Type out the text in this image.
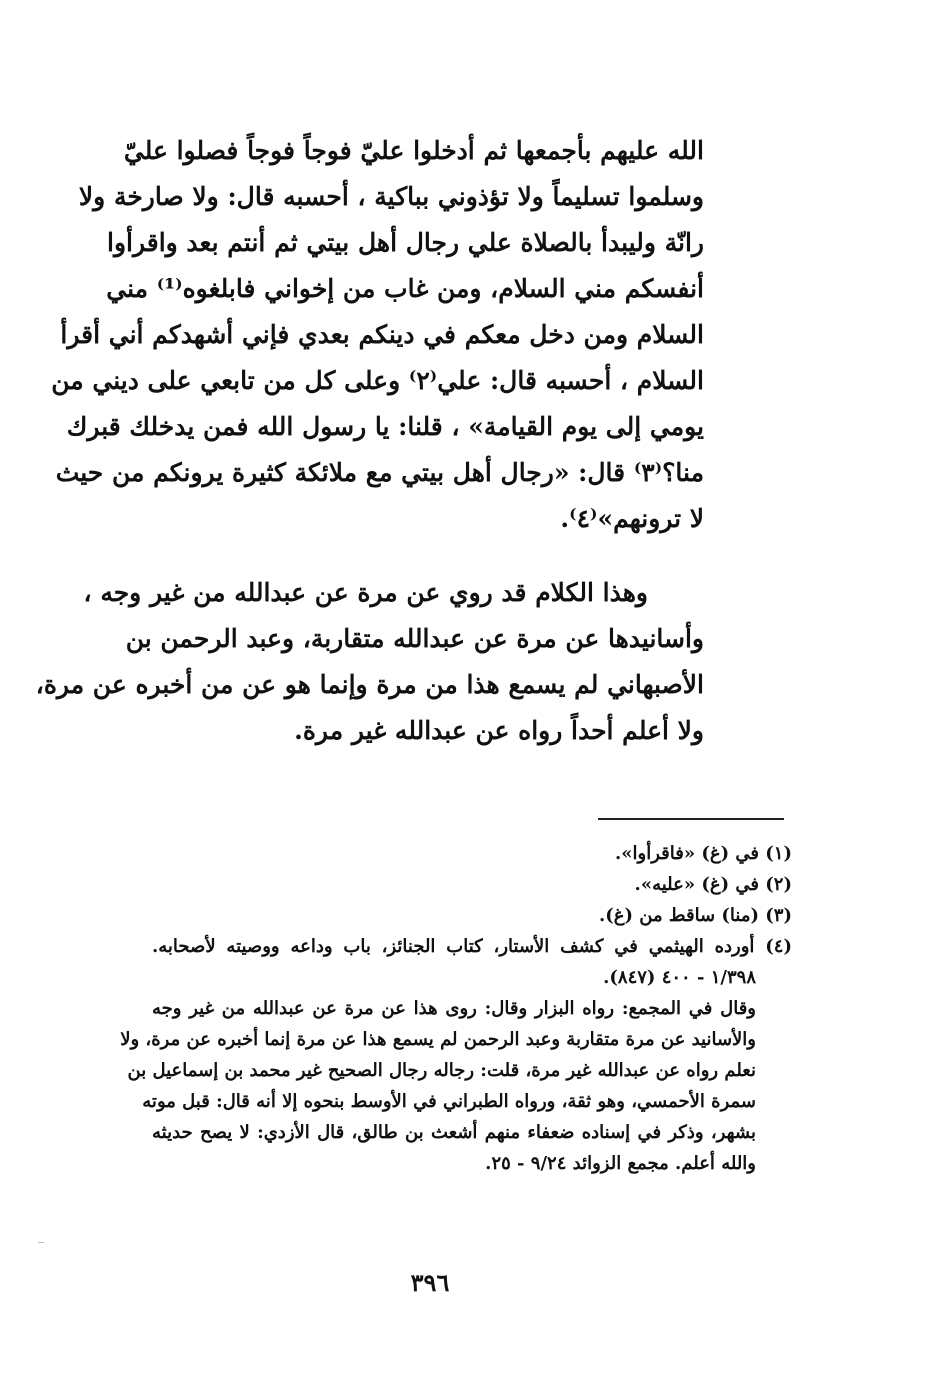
الله عليهم بأجمعها ثم أدخلوا عليّ فوجاً فوجاً فصلوا عليّ
وسلموا تسليماً ولا تؤذوني بباكية ، أحسبه قال: ولا صارخة ولا
رانّة وليبدأ بالصلاة علي رجال أهل بيتي ثم أنتم بعد واقرأوا
أنفسكم مني السلام، ومن غاب من إخواني فابلغوه⁽¹⁾ مني
السلام ومن دخل معكم في دينكم بعدي فإني أشهدكم أني أقرأ
السلام ، أحسبه قال: علي⁽٢⁾ وعلى كل من تابعي على ديني من
يومي إلى يوم القيامة» ، قلنا: يا رسول الله فمن يدخلك قبرك
منا؟⁽٣⁾ قال: «رجال أهل بيتي مع ملائكة كثيرة يرونكم من حيث
لا ترونهم»⁽٤⁾.
وهذا الكلام قد روي عن مرة عن عبدالله من غير وجه ،
وأسانيدها عن مرة عن عبدالله متقاربة، وعبد الرحمن بن
الأصبهاني لم يسمع هذا من مرة وإنما هو عن من أخبره عن مرة،
ولا أعلم أحداً رواه عن عبدالله غير مرة.
(١) في (غ) «فاقرأوا».
(٢) في (غ) «عليه».
(٣) (منا) ساقط من (غ).
(٤) أورده الهيثمي في كشف الأستار، كتاب الجنائز، باب وداعه ووصيته لأصحابه.
١/٣٩٨ - ٤٠٠ (٨٤٧).
وقال في المجمع: رواه البزار وقال: روى هذا عن مرة عن عبدالله من غير وجه
والأسانيد عن مرة متقاربة وعبد الرحمن لم يسمع هذا عن مرة إنما أخبره عن مرة، ولا
نعلم رواه عن عبدالله غير مرة، قلت: رجاله رجال الصحيح غير محمد بن إسماعيل بن
سمرة الأحمسي، وهو ثقة، ورواه الطبراني في الأوسط بنحوه إلا أنه قال: قبل موته
بشهر، وذكر في إسناده ضعفاء منهم أشعث بن طالق، قال الأزدي: لا يصح حديثه
والله أعلم. مجمع الزوائد ٩/٢٤ - ٢٥.
٣٩٦
